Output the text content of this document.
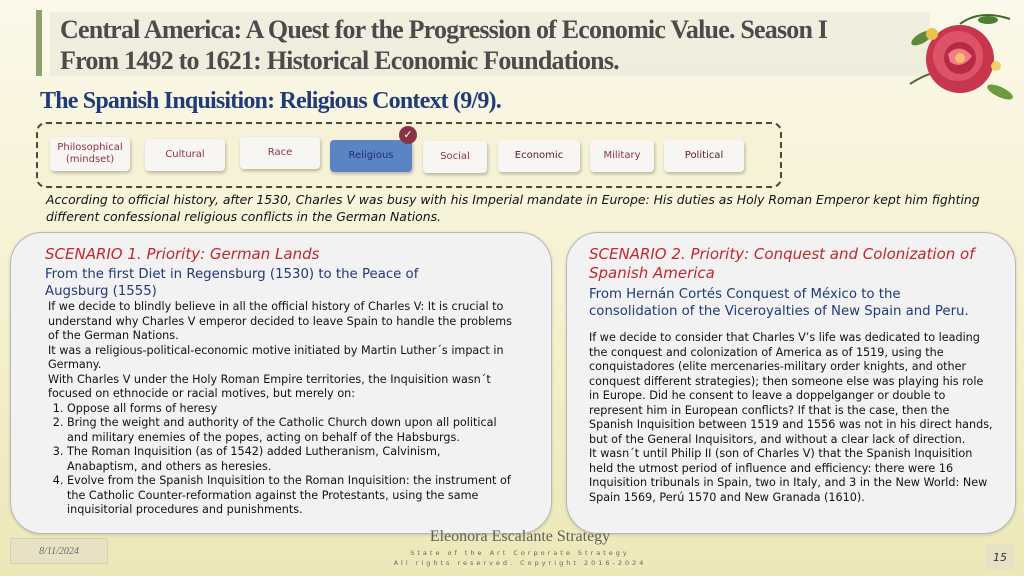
Central America: A Quest for the Progression of Economic Value. Season I
From 1492 to 1621: Historical Economic Foundations.
The Spanish Inquisition: Religious Context (9/9).
Philosophical (mindset)	Cultural	Race	Religious
✓
Social	Economic	Military	Political

According to official history, after 1530, Charles V was busy with his Imperial mandate in Europe: His duties as Holy Roman Emperor kept him fighting different confessional religious conflicts in the German Nations.

SCENARIO 1. Priority: German Lands

From the first Diet in Regensburg (1530) to the Peace of Augsburg (1555)

If we decide to blindly believe in all the official history of Charles V: It is crucial to understand why Charles V emperor decided to leave Spain to handle the problems of the German Nations.

It was a religious-political-economic motive initiated by Martin Luther´s impact in Germany.

With Charles V under the Holy Roman Empire territories, the Inquisition wasn´t focused on ethnocide or racial motives, but merely on:

1. Oppose all forms of heresy
2. Bring the weight and authority of the Catholic Church down upon all political and military enemies of the popes, acting on behalf of the Habsburgs.
3. The Roman Inquisition (as of 1542) added Lutheranism, Calvinism, Anabaptism, and others as heresies.
4. Evolve from the Spanish Inquisition to the Roman Inquisition: the instrument of the Catholic Counter-reformation against the Protestants, using the same inquisitorial procedures and punishments.

SCENARIO 2. Priority: Conquest and Colonization of Spanish America

From Hernán Cortés Conquest of México to the consolidation of the Viceroyalties of New Spain and Peru.

If we decide to consider that Charles V’s life was dedicated to leading the conquest and colonization of America as of 1519, using the conquistadores (elite mercenaries-military order knights, and other conquest different strategies); then someone else was playing his role in Europe. Did he consent to leave a doppelganger or double to represent him in European conflicts? If that is the case, then the Spanish Inquisition between 1519 and 1556 was not in his direct hands, but of the General Inquisitors, and without a clear lack of direction.

It wasn´t until Philip II (son of Charles V) that the Spanish Inquisition held the utmost period of influence and efficiency: there were 16 Inquisition tribunals in Spain, two in Italy, and 3 in the New World: New Spain 1569, Perú 1570 and New Granada (1610).

8/11/2024
Eleonora Escalante Strategy
State of the Art Corporate Strategy
All rights reserved. Copyright 2016-2024	15
